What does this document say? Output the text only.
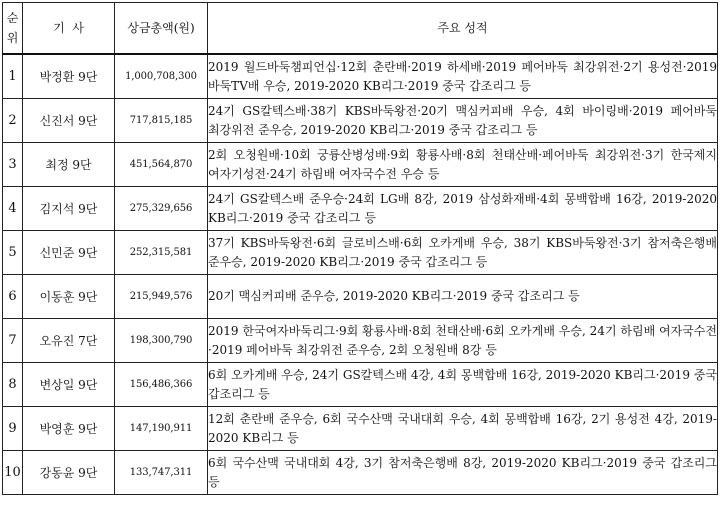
순
위	기  사	상금총액(원)	주요 성적
1	박정환 9단	1,000,708,300	2019 월드바둑챔피언십·12회 춘란배·2019 하세배·2019 페어바둑 최강위전·2기 용성전·2019 바둑TV배 우승, 2019-2020 KB리그·2019 중국 갑조리그 등
2	신진서 9단	717,815,185	24기 GS칼텍스배·38기 KBS바둑왕전·20기 맥심커피배 우승, 4회 바이링배·2019 페어바둑 최강위전 준우승, 2019-2020 KB리그·2019 중국 갑조리그 등
3	최정 9단	451,564,870	2회 오청원배·10회 궁륭산병성배·9회 황룡사배·8회 천태산배·페어바둑 최강위전·3기 한국제지 여자기성전·24기 하림배 여자국수전 우승 등
4	김지석 9단	275,329,656	24기 GS칼텍스배 준우승·24회 LG배 8강, 2019 삼성화재배·4회 몽백합배 16강, 2019-2020 KB리그·2019 중국 갑조리그 등
5	신민준 9단	252,315,581	37기 KBS바둑왕전·6회 글로비스배·6회 오카게배 우승, 38기 KBS바둑왕전·3기 참저축은행배 준우승, 2019-2020 KB리그·2019 중국 갑조리그 등
6	이동훈 9단	215,949,576	20기 맥심커피배 준우승, 2019-2020 KB리그·2019 중국 갑조리그 등
7	오유진 7단	198,300,790	2019 한국여자바둑리그·9회 황룡사배·8회 천태산배·6회 오카게배 우승, 24기 하림배 여자국수전·2019 페어바둑 최강위전 준우승, 2회 오청원배 8강 등
8	변상일 9단	156,486,366	6회 오카게배 우승, 24기 GS칼텍스배 4강, 4회 몽백합배 16강, 2019-2020 KB리그·2019 중국 갑조리그 등
9	박영훈 9단	147,190,911	12회 춘란배 준우승, 6회 국수산맥 국내대회 우승, 4회 몽백합배 16강, 2기 용성전 4강, 2019-2020 KB리그 등
10	강동윤 9단	133,747,311	6회 국수산맥 국내대회 4강, 3기 참저축은행배 8강, 2019-2020 KB리그·2019 중국 갑조리그 등
